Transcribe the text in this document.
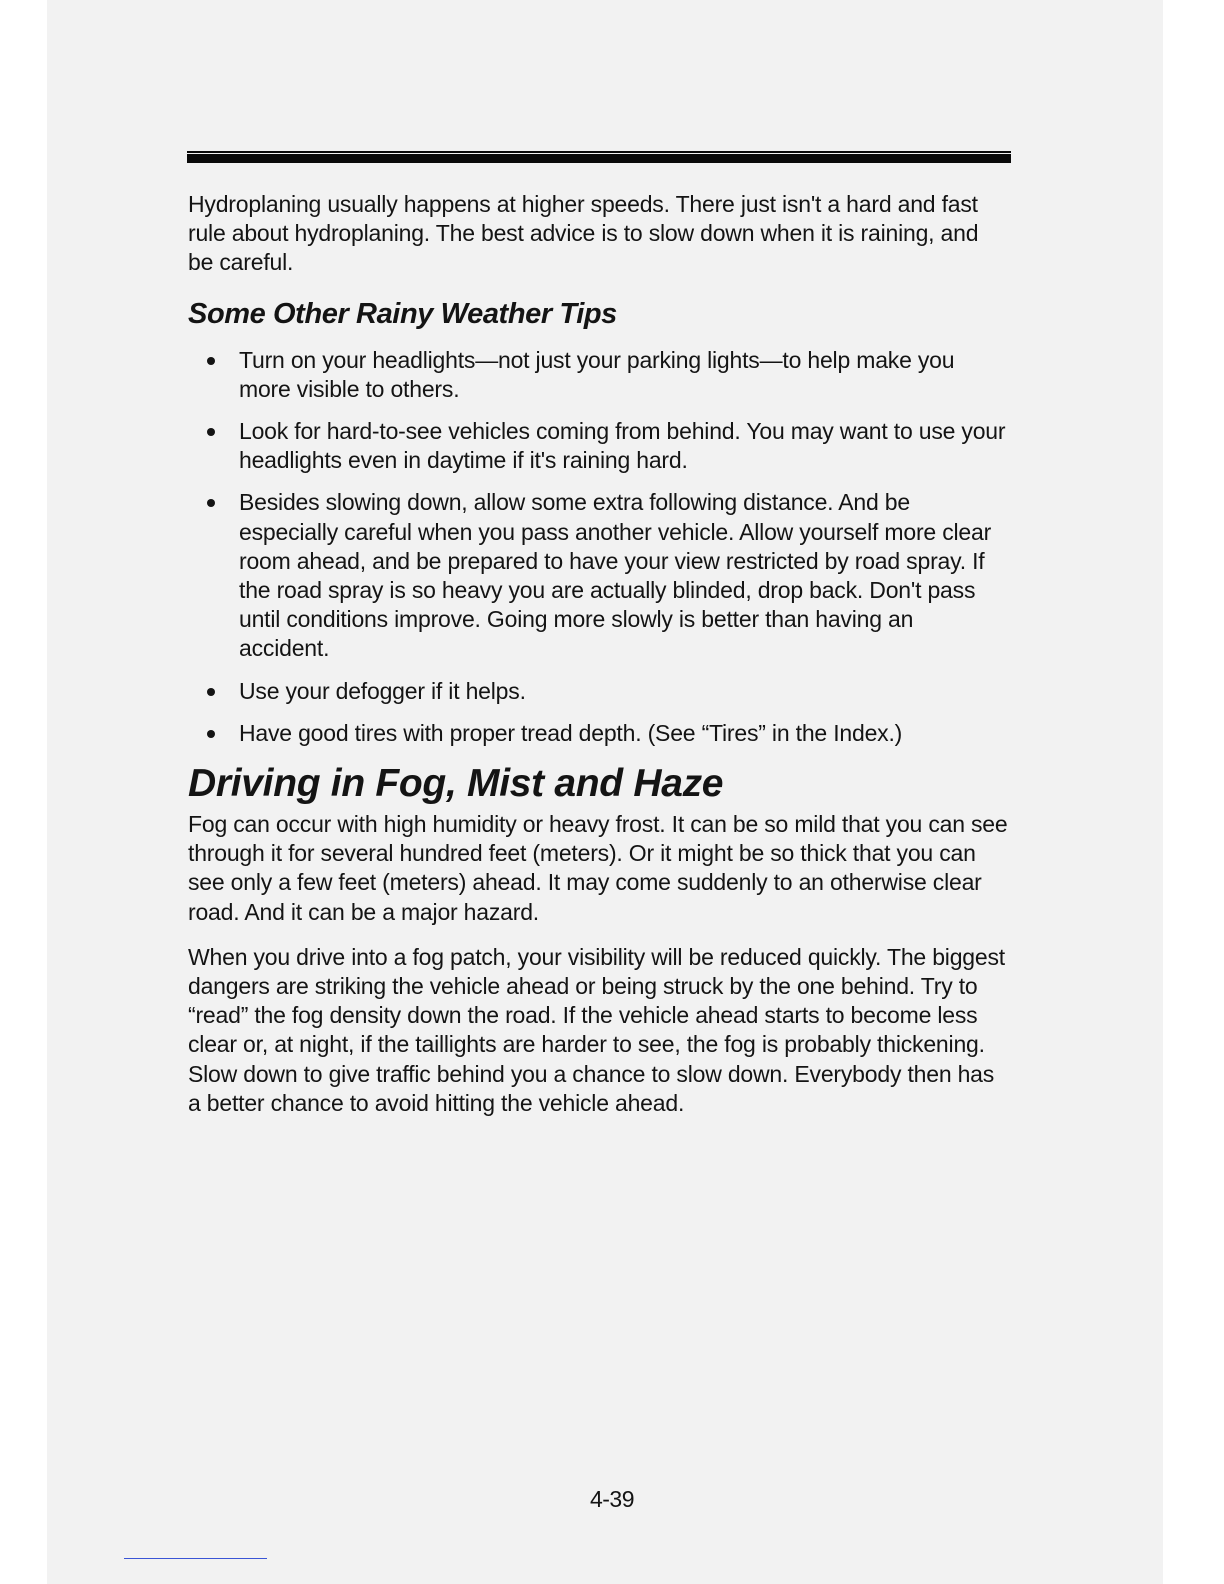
Hydroplaning usually happens at higher speeds. There just isn't a hard and fast rule about hydroplaning. The best advice is to slow down when it is raining, and be careful.

Some Other Rainy Weather Tips
Turn on your headlights—not just your parking lights—to help make you more visible to others.
Look for hard-to-see vehicles coming from behind. You may want to use your headlights even in daytime if it's raining hard.
Besides slowing down, allow some extra following distance. And be especially careful when you pass another vehicle. Allow yourself more clear room ahead, and be prepared to have your view restricted by road spray. If the road spray is so heavy you are actually blinded, drop back. Don't pass until conditions improve. Going more slowly is better than having an accident.
Use your defogger if it helps.
Have good tires with proper tread depth. (See “Tires” in the Index.)
Driving in Fog, Mist and Haze

Fog can occur with high humidity or heavy frost. It can be so mild that you can see through it for several hundred feet (meters). Or it might be so thick that you can see only a few feet (meters) ahead. It may come suddenly to an otherwise clear road. And it can be a major hazard.

When you drive into a fog patch, your visibility will be reduced quickly. The biggest dangers are striking the vehicle ahead or being struck by the one behind. Try to “read” the fog density down the road. If the vehicle ahead starts to become less clear or, at night, if the taillights are harder to see, the fog is probably thickening. Slow down to give traffic behind you a chance to slow down. Everybody then has a better chance to avoid hitting the vehicle ahead.

4-39
